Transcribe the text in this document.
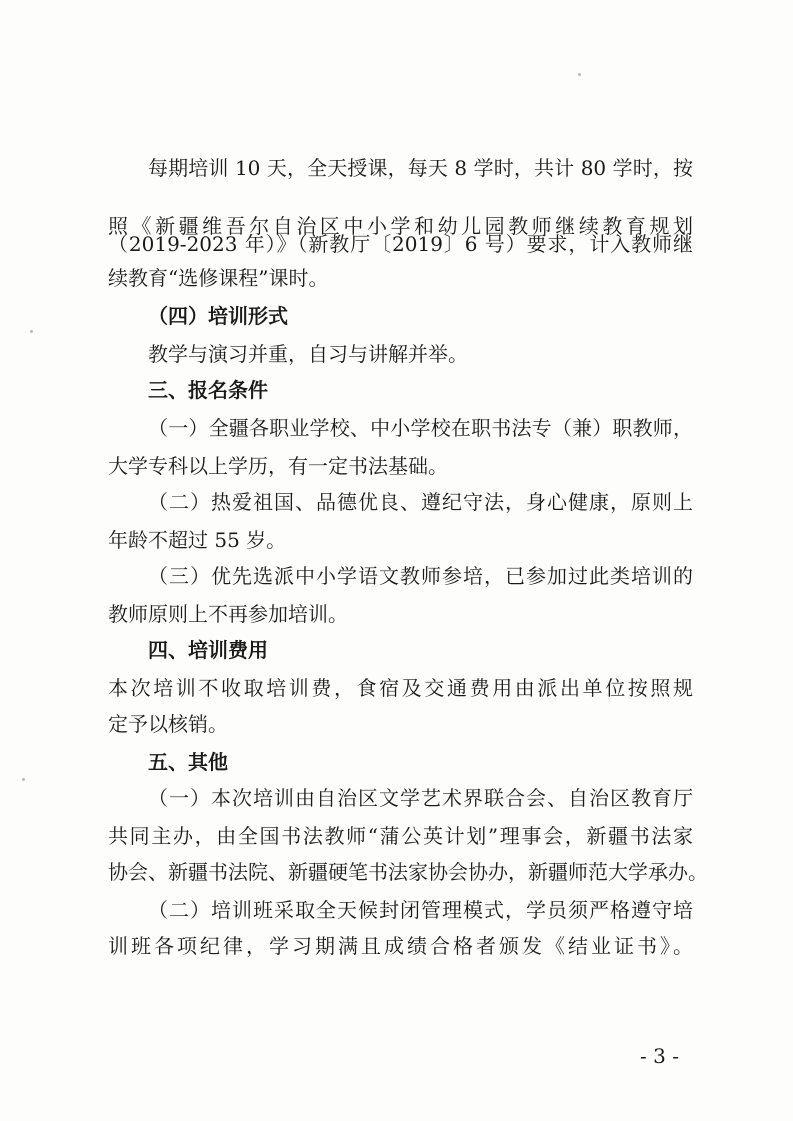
每期培训 10 天，全天授课，每天 8 学时，共计 80 学时，按
照《新疆维吾尔自治区中小学和幼儿园教师继续教育规划
（2019-2023 年）》（新教厅〔2019〕6 号）要求，计入教师继
续教育“选修课程”课时。
（四）培训形式
教学与演习并重，自习与讲解并举。
三、报名条件
（一）全疆各职业学校、中小学校在职书法专（兼）职教师，
大学专科以上学历，有一定书法基础。
（二）热爱祖国、品德优良、遵纪守法，身心健康，原则上
年龄不超过 55 岁。
（三）优先选派中小学语文教师参培，已参加过此类培训的
教师原则上不再参加培训。
四、培训费用
本次培训不收取培训费，食宿及交通费用由派出单位按照规
定予以核销。
五、其他
（一）本次培训由自治区文学艺术界联合会、自治区教育厅
共同主办，由全国书法教师“蒲公英计划”理事会，新疆书法家
协会、新疆书法院、新疆硬笔书法家协会协办，新疆师范大学承办。
（二）培训班采取全天候封闭管理模式，学员须严格遵守培
训班各项纪律，学习期满且成绩合格者颁发《结业证书》。
- 3 -
